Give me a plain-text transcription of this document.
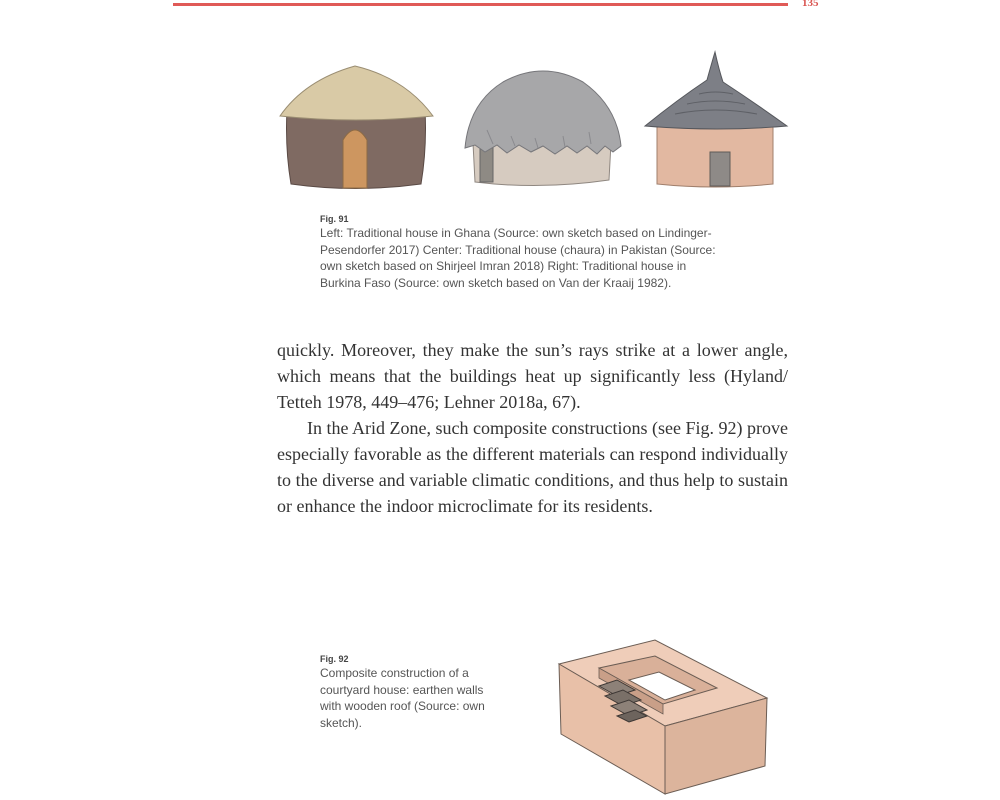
135
Fig. 91
Left: Traditional house in Ghana (Source: own sketch based on Lindinger-Pesendorfer 2017) Center: Traditional house (chaura) in Pakistan (Source: own sketch based on Shirjeel Imran 2018) Right: Traditional house in Burkina Faso (Source: own sketch based on Van der Kraaij 1982).

quickly. Moreover, they make the sun’s rays strike at a lower angle, which means that the buildings heat up significantly less (Hyland/ Tetteh 1978, 449–476; Lehner 2018a, 67).

In the Arid Zone, such composite constructions (see Fig. 92) prove especially favorable as the different materials can respond individually to the diverse and variable climatic conditions, and thus help to sustain or enhance the indoor microclimate for its residents.

Fig. 92
Composite construction of a courtyard house: earthen walls with wooden roof (Source: own sketch).
